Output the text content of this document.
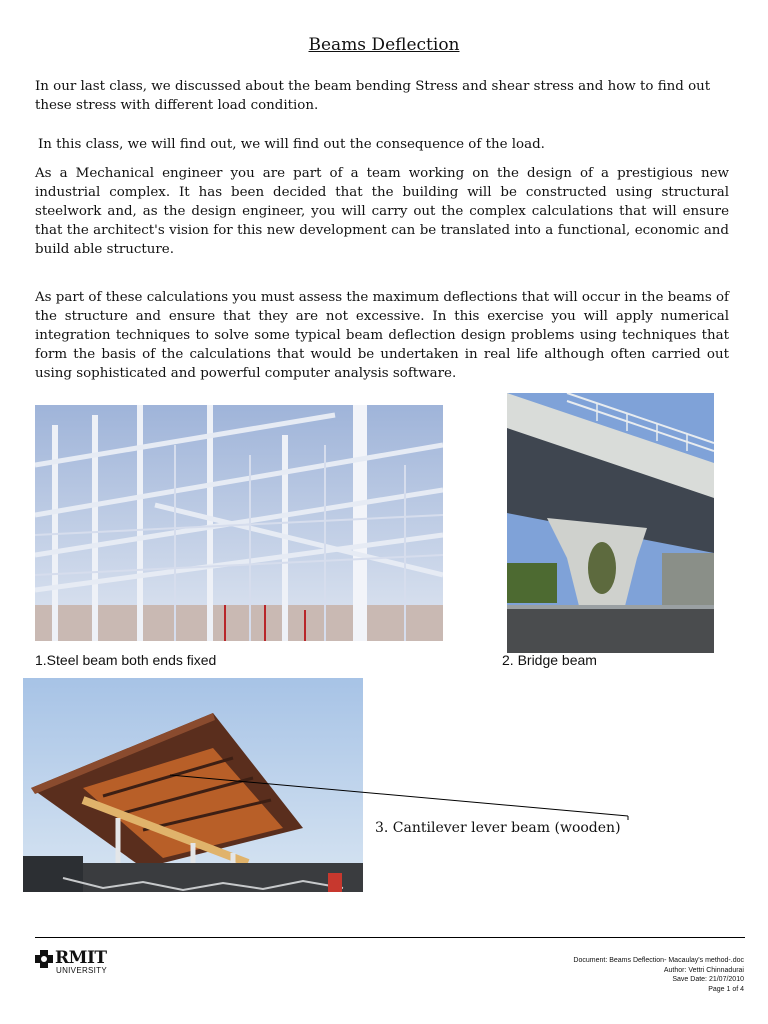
Beams Deflection
In our last class, we discussed about the beam bending Stress and shear stress and how to find out these stress with different load condition.
In this class, we will find out, we will find out the consequence of the load.
As a Mechanical engineer you are part of a team working on the design of a prestigious new industrial complex. It has been decided that the building will be constructed using structural steelwork and, as the design engineer, you will carry out the complex calculations that will ensure that the architect's vision for this new development can be translated into a functional, economic and build able structure.
As part of these calculations you must assess the maximum deflections that will occur in the beams of the structure and ensure that they are not excessive. In this exercise you will apply numerical integration techniques to solve some typical beam deflection design problems using techniques that form the basis of the calculations that would be undertaken in real life although often carried out using sophisticated and powerful computer analysis software.
1.Steel beam both ends fixed	2. Bridge beam
3. Cantilever lever beam (wooden)
RMIT
UNIVERSITY
Document: Beams Deflection- Macaulay's method-.doc
Author: Vettri Chinnadurai
Save Date: 21/07/2010
Page 1 of 4
